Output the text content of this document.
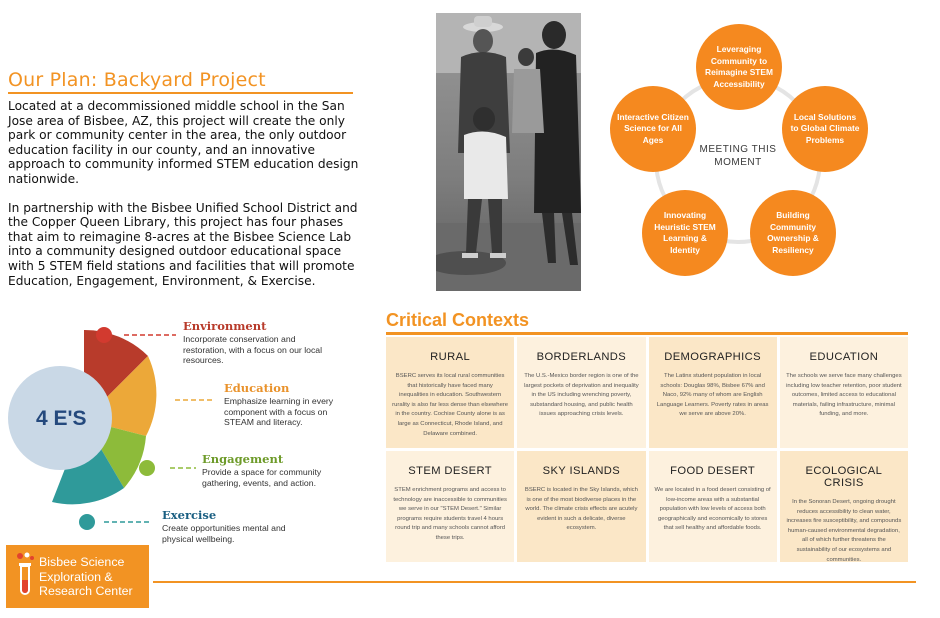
Our Plan: Backyard Project

Located at a decommissioned middle school in the San Jose area of Bisbee, AZ, this project will create the only park or community center in the area, the only outdoor education facility in our county, and an innovative approach to community informed STEM education design nationwide.

In partnership with the Bisbee Unified School District and the Copper Queen Library, this project has four phases that aim to reimagine 8-acres at the Bisbee Science Lab into a community designed outdoor educational space with 5 STEM field stations and facilities that will promote Education, Engagement, Environment, & Exercise.

Leveraging Community to Reimagine STEM Accessibility
Local Solutions to Global Climate Problems
Building Community Ownership & Resiliency
Innovating Heuristic STEM Learning & Identity
Interactive Citizen Science for All Ages
MEETING THIS MOMENT
4 E'S
Environment
Incorporate conservation and restoration, with a focus on our local resources.
Education
Emphasize learning in every component with a focus on STEAM and literacy.
Engagement
Provide a space for community gathering, events, and action.
Exercise
Create opportunities mental and physical wellbeing.
Bisbee Science
Exploration &
Research Center
Critical Contexts
RURAL
BSERC serves its local rural communities that historically have faced many inequalities in education. Southwestern rurality is also far less dense than elsewhere in the country. Cochise County alone is as large as Connecticut, Rhode Island, and Delaware combined.
BORDERLANDS
The U.S.-Mexico border region is one of the largest pockets of deprivation and inequality in the US including wrenching poverty, substandard housing, and public health issues approaching crisis levels.
DEMOGRAPHICS
The Latinx student population in local schools: Douglas 98%, Bisbee 67% and Naco, 92% many of whom are English Language Learners. Poverty rates in areas we serve are above 20%.
EDUCATION
The schools we serve face many challenges including low teacher retention, poor student outcomes, limited access to educational materials, failing infrastructure, minimal funding, and more.
STEM DESERT
STEM enrichment programs and access to technology are inaccessible to communities we serve in our "STEM Desert." Similar programs require students travel 4 hours round trip and many schools cannot afford these trips.
SKY ISLANDS
BSERC is located in the Sky Islands, which is one of the most biodiverse places in the world. The climate crisis effects are acutely evident in such a delicate, diverse ecosystem.
FOOD DESERT
We are located in a food desert consisting of low-income areas with a substantial population with low levels of access both geographically and economically to stores that sell healthy and affordable foods.
ECOLOGICAL CRISIS
In the Sonoran Desert, ongoing drought reduces accessibility to clean water, increases fire susceptibility, and compounds human-caused environmental degradation, all of which further threatens the sustainability of our ecosystems and communities.
